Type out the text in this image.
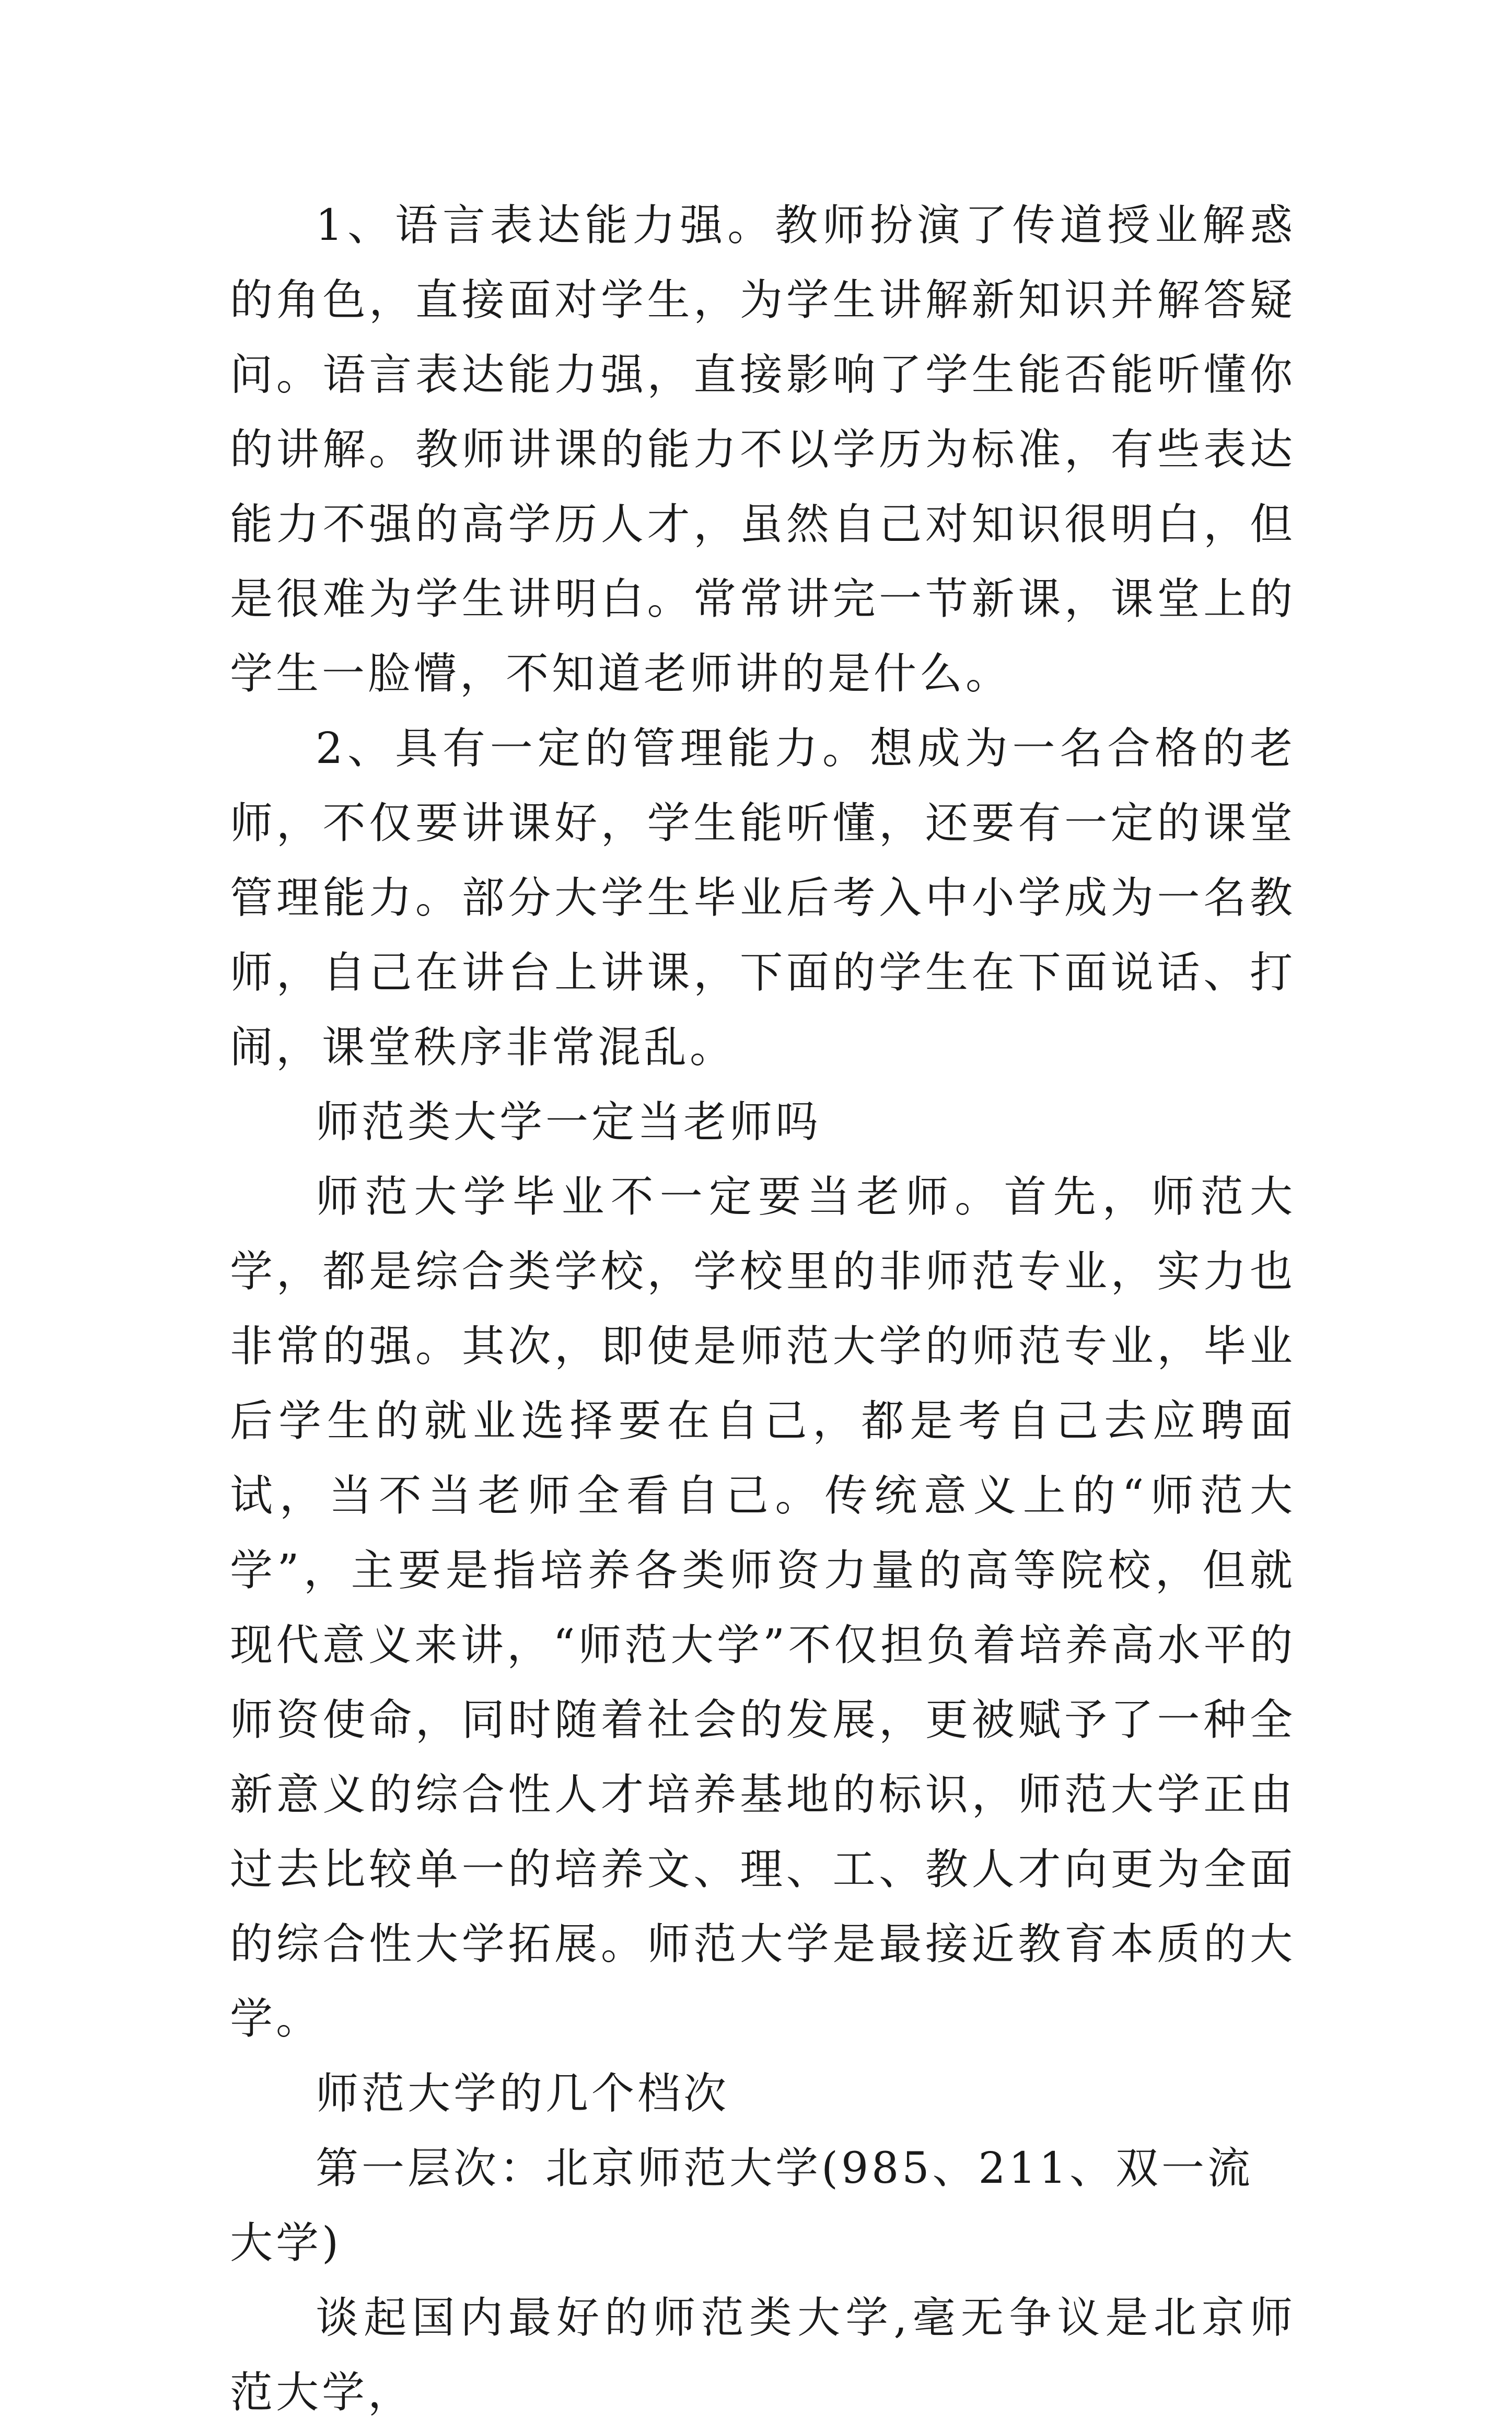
1、语言表达能力强。教师扮演了传道授业解惑的角色，直接面对学生，为学生讲解新知识并解答疑问。语言表达能力强，直接影响了学生能否能听懂你的讲解。教师讲课的能力不以学历为标准，有些表达能力不强的高学历人才，虽然自己对知识很明白，但是很难为学生讲明白。常常讲完一节新课，课堂上的学生一脸懵，不知道老师讲的是什么。

2、具有一定的管理能力。想成为一名合格的老师，不仅要讲课好，学生能听懂，还要有一定的课堂管理能力。部分大学生毕业后考入中小学成为一名教师，自己在讲台上讲课，下面的学生在下面说话、打闹，课堂秩序非常混乱。

师范类大学一定当老师吗

师范大学毕业不一定要当老师。首先，师范大学，都是综合类学校，学校里的非师范专业，实力也非常的强。其次，即使是师范大学的师范专业，毕业后学生的就业选择要在自己，都是考自己去应聘面试，当不当老师全看自己。传统意义上的“师范大学”，主要是指培养各类师资力量的高等院校，但就现代意义来讲，“师范大学”不仅担负着培养高水平的师资使命，同时随着社会的发展，更被赋予了一种全新意义的综合性人才培养基地的标识，师范大学正由过去比较单一的培养文、理、工、教人才向更为全面的综合性大学拓展。师范大学是最接近教育本质的大学。

师范大学的几个档次

第一层次：北京师范大学(985、211、双一流大学)

谈起国内最好的师范类大学,毫无争议是北京师范大学，
